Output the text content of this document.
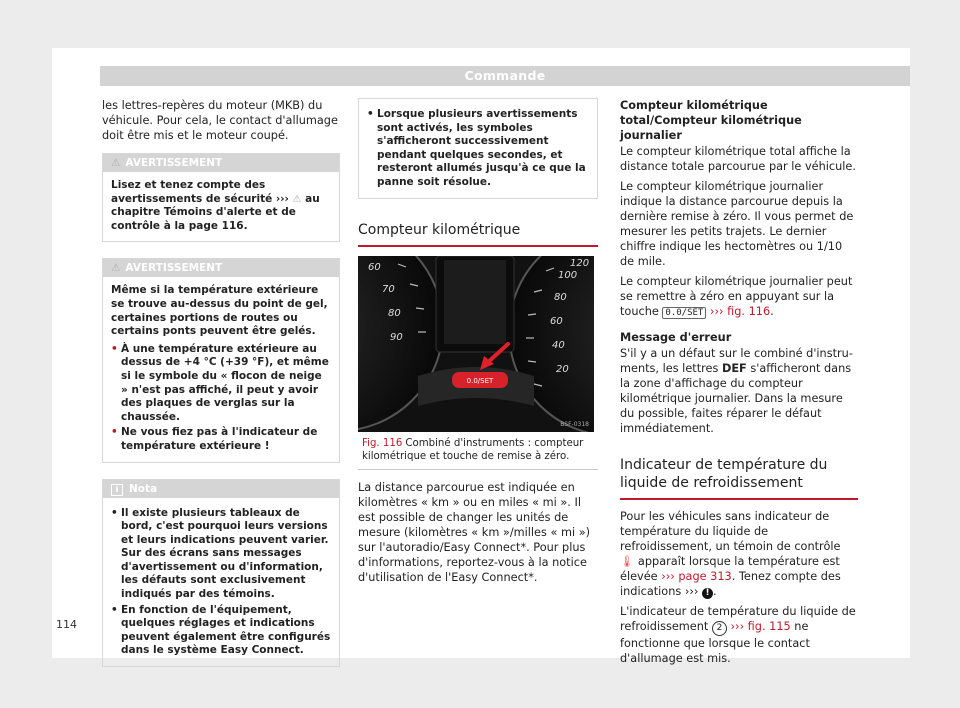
Commande

les lettres-repères du moteur (MKB) du véhicule. Pour cela, le contact d'allumage doit être mis et le moteur coupé.

⚠ AVERTISSEMENT
Lisez et tenez compte des avertissements de sécurité ››› ⚠ au chapitre Témoins d'alerte et de contrôle à la page 116.
⚠ AVERTISSEMENT

Même si la température extérieure se trouve au-dessus du point de gel, certaines portions de routes ou certains ponts peuvent être gelés.

• À une température extérieure au dessus de +4 °C (+39 °F), et même si le symbole du « flocon de neige » n'est pas affiché, il peut y avoir des plaques de verglas sur la chaussée.
• Ne vous fiez pas à l'indicateur de température extérieure !
i Nota
• Il existe plusieurs tableaux de bord, c'est pourquoi leurs versions et leurs indications peuvent varier. Sur des écrans sans messages d'avertissement ou d'information, les défauts sont exclusivement indiqués par des témoins.
• En fonction de l'équipement, quelques réglages et indications peuvent également être configurés dans le système Easy Connect.
• Lorsque plusieurs avertissements sont activés, les symboles s'afficheront successivement pendant quelques secondes, et resteront allumés jusqu'à ce que la panne soit résolue.
Compteur kilométrique
60
70
80
90
120
100
80
60
40
20
0.0/SET
BSF-0318
Fig. 116 Combiné d'instruments : compteur kilométrique et touche de remise à zéro.

La distance parcourue est indiquée en kilomètres « km » ou en miles « mi ». Il est possible de changer les unités de mesure (kilomètres « km »/milles « mi ») sur l'autoradio/Easy Connect*. Pour plus d'informations, reportez-vous à la notice d'utilisation de l'Easy Connect*.

Compteur kilométrique total/Compteur kilométrique journalier

Le compteur kilométrique total affiche la distance totale parcourue par le véhicule.

Le compteur kilométrique journalier indique la distance parcourue depuis la dernière remise à zéro. Il vous permet de mesurer les petits trajets. Le dernier chiffre indique les hectomètres ou 1/10 de mile.

Le compteur kilométrique journalier peut se remettre à zéro en appuyant sur la touche 0.0/SET ››› fig. 116.

Message d'erreur

S'il y a un défaut sur le combiné d'instruments, les lettres DEF s'afficheront dans la zone d'affichage du compteur kilométrique journalier. Dans la mesure du possible, faites réparer le défaut immédiatement.

Indicateur de température du liquide de refroidissement

Pour les véhicules sans indicateur de température du liquide de refroidissement, un témoin de contrôle 🌡 apparaît lorsque la température est élevée ››› page 313. Tenez compte des indications ››› ! .

L'indicateur de température du liquide de refroidissement 2 ››› fig. 115 ne fonctionne que lorsque le contact d'allumage est mis.

114
